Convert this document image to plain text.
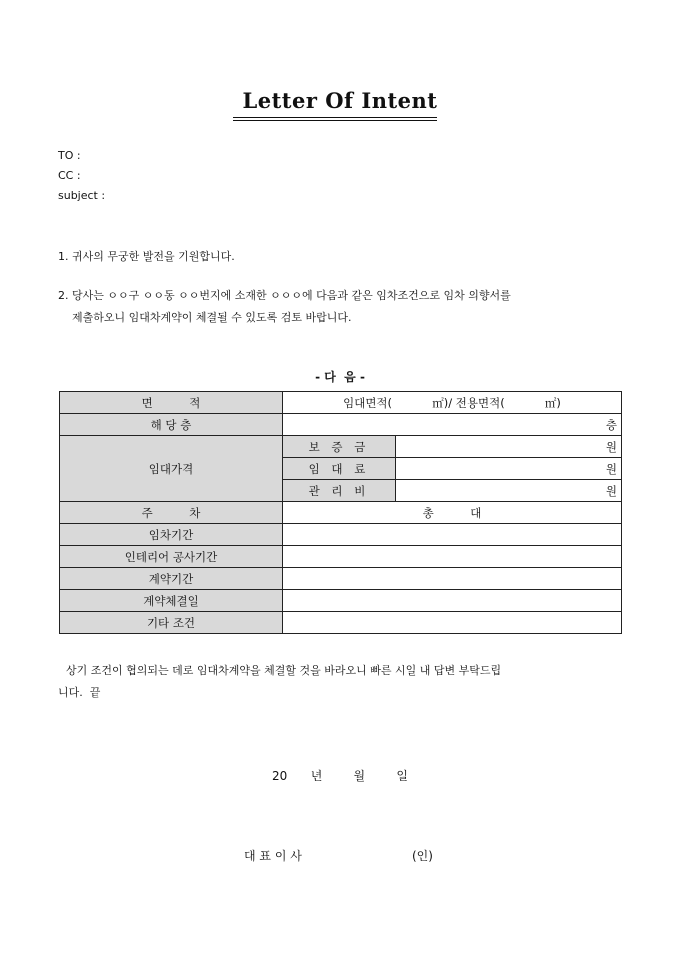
Letter Of Intent
TO :
CC :
subject :
1. 귀사의 무궁한 발전을 기원합니다.
2. 당사는 ㅇㅇ구 ㅇㅇ동 ㅇㅇ번지에 소재한 ㅇㅇㅇ에 다음과 같은 임차조건으로 임차 의향서를
제출하오니 임대차계약이 체결될 수 있도록 검토 바랍니다.
- 다  음 -
면          적	임대면적(           ㎡)/ 전용면적(           ㎡)	
해 당 층	층	
임대가격	보 증 금	원
	임 대 료	원
	관 리 비	원
주          차	총          대	
임차기간		
인테리어 공사기간		
계약기간		
계약체결일		
기타 조건		
상기 조건이 협의되는 데로 임대차계약을 체결할 것을 바라오니 빠른 시일 내 답변 부탁드립
니다.  끝
20   년    월    일
대 표 이 사	(인)
